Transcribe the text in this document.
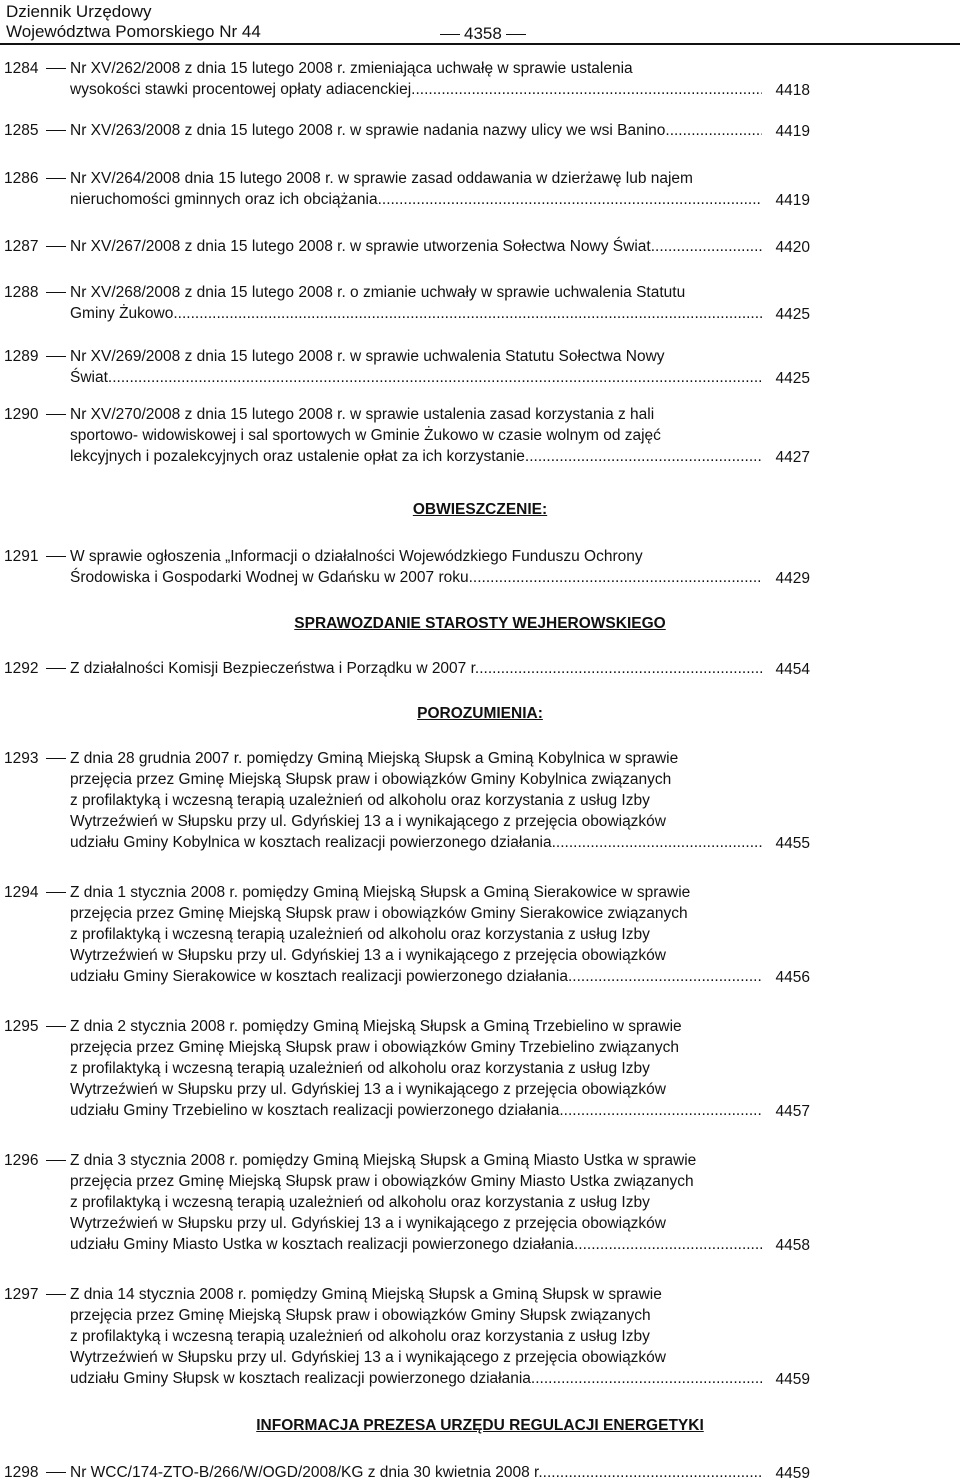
Dziennik Urzędowy
Województwa Pomorskiego Nr 44	4358
1284 Nr XV/262/2008 z dnia 15 lutego 2008 r. zmieniająca uchwałę w sprawie ustalenia
wysokości stawki procentowej opłaty adiacenckiej .....	4418
1285 Nr XV/263/2008 z dnia 15 lutego 2008 r. w sprawie nadania nazwy ulicy we wsi Banino. .....	4419
1286 Nr XV/264/2008 dnia 15 lutego 2008 r. w sprawie zasad oddawania w dzierżawę lub najem
nieruchomości gminnych oraz ich obciążania .....	4419
1287 Nr XV/267/2008 z dnia 15 lutego 2008 r. w sprawie utworzenia Sołectwa Nowy Świat .....	4420
1288 Nr XV/268/2008 z dnia 15 lutego 2008 r. o zmianie uchwały w sprawie uchwalenia Statutu
Gminy Żukowo .....	4425
1289 Nr XV/269/2008 z dnia 15 lutego 2008 r. w sprawie uchwalenia Statutu Sołectwa Nowy
Świat .....	4425
1290 Nr XV/270/2008 z dnia 15 lutego 2008 r. w sprawie ustalenia zasad korzystania z hali
sportowo- widowiskowej i sal sportowych w Gminie Żukowo w czasie wolnym od zajęć
lekcyjnych i pozalekcyjnych oraz ustalenie opłat za ich korzystanie. .....	4427
1291 W sprawie ogłoszenia „Informacji o działalności Wojewódzkiego Funduszu Ochrony
Środowiska i Gospodarki Wodnej w Gdańsku w 2007 roku .....	4429
1292 Z działalności Komisji Bezpieczeństwa i Porządku w 2007 r. .....	4454
1293 Z dnia 28 grudnia 2007 r. pomiędzy Gminą Miejską Słupsk a Gminą Kobylnica w sprawie
przejęcia przez Gminę Miejską Słupsk praw i obowiązków Gminy Kobylnica związanych
z profilaktyką i wczesną terapią uzależnień od alkoholu oraz korzystania z usług Izby
Wytrzeźwień w Słupsku przy ul. Gdyńskiej 13 a i wynikającego z przejęcia obowiązków
udziału Gminy Kobylnica w kosztach realizacji powierzonego działania. .....	4455
1294 Z dnia 1 stycznia 2008 r. pomiędzy Gminą Miejską Słupsk a Gminą Sierakowice w sprawie
przejęcia przez Gminę Miejską Słupsk praw i obowiązków Gminy Sierakowice związanych
z profilaktyką i wczesną terapią uzależnień od alkoholu oraz korzystania z usług Izby
Wytrzeźwień w Słupsku przy ul. Gdyńskiej 13 a i wynikającego z przejęcia obowiązków
udziału Gminy Sierakowice w kosztach realizacji powierzonego działania. .....	4456
1295 Z dnia 2 stycznia 2008 r. pomiędzy Gminą Miejską Słupsk a Gminą Trzebielino w sprawie
przejęcia przez Gminę Miejską Słupsk praw i obowiązków Gminy Trzebielino związanych
z profilaktyką i wczesną terapią uzależnień od alkoholu oraz korzystania z usług Izby
Wytrzeźwień w Słupsku przy ul. Gdyńskiej 13 a i wynikającego z przejęcia obowiązków
udziału Gminy Trzebielino w kosztach realizacji powierzonego działania. .....	4457
1296 Z dnia 3 stycznia 2008 r. pomiędzy Gminą Miejską Słupsk a Gminą Miasto Ustka w sprawie
przejęcia przez Gminę Miejską Słupsk praw i obowiązków Gminy Miasto Ustka związanych
z profilaktyką i wczesną terapią uzależnień od alkoholu oraz korzystania z usług Izby
Wytrzeźwień w Słupsku przy ul. Gdyńskiej 13 a i wynikającego z przejęcia obowiązków
udziału Gminy Miasto Ustka w kosztach realizacji powierzonego działania. .....	4458
1297 Z dnia 14 stycznia 2008 r. pomiędzy Gminą Miejską Słupsk a Gminą Słupsk w sprawie
przejęcia przez Gminę Miejską Słupsk praw i obowiązków Gminy Słupsk związanych
z profilaktyką i wczesną terapią uzależnień od alkoholu oraz korzystania z usług Izby
Wytrzeźwień w Słupsku przy ul. Gdyńskiej 13 a i wynikającego z przejęcia obowiązków
udziału Gminy Słupsk w kosztach realizacji powierzonego działania. .....	4459
1298 Nr WCC/174-ZTO-B/266/W/OGD/2008/KG z dnia 30 kwietnia 2008 r. .....	4459
OBWIESZCZENIE:
SPRAWOZDANIE STAROSTY WEJHEROWSKIEGO
POROZUMIENIA:
INFORMACJA PREZESA URZĘDU REGULACJI ENERGETYKI
